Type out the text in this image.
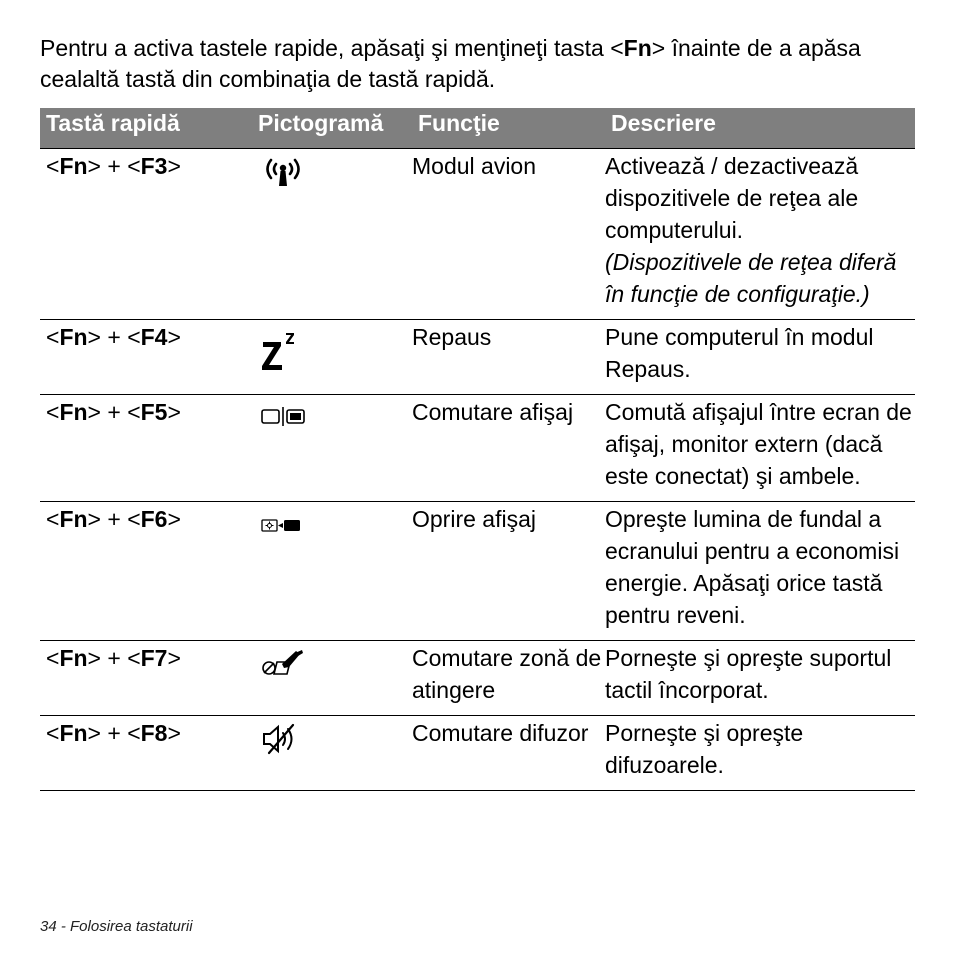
Pentru a activa tastele rapide, apăsaţi şi menţineţi tasta <Fn> înainte de a apăsa cealaltă tastă din combinaţia de tastă rapidă.
Tastă rapidă	Pictogramă	Funcţie	Descriere
<Fn> + <F3>		Modul avion	Activează / dezactivează dispozitivele de reţea ale computerului.
(Dispozitivele de reţea diferă în funcţie de configuraţie.)

<Fn> + <F4>		Repaus	Pune computerul în modul Repaus.
<Fn> + <F5>		Comutare afişaj	Comută afişajul între ecran de afişaj, monitor extern (dacă este conectat) şi ambele.
<Fn> + <F6>		Oprire afişaj	Opreşte lumina de fundal a ecranului pentru a economisi energie. Apăsaţi orice tastă pentru reveni.
<Fn> + <F7>		Comutare zonă de atingere	Porneşte şi opreşte suportul tactil încorporat.
<Fn> + <F8>		Comutare difuzor	Porneşte şi opreşte difuzoarele.
34 - Folosirea tastaturii
